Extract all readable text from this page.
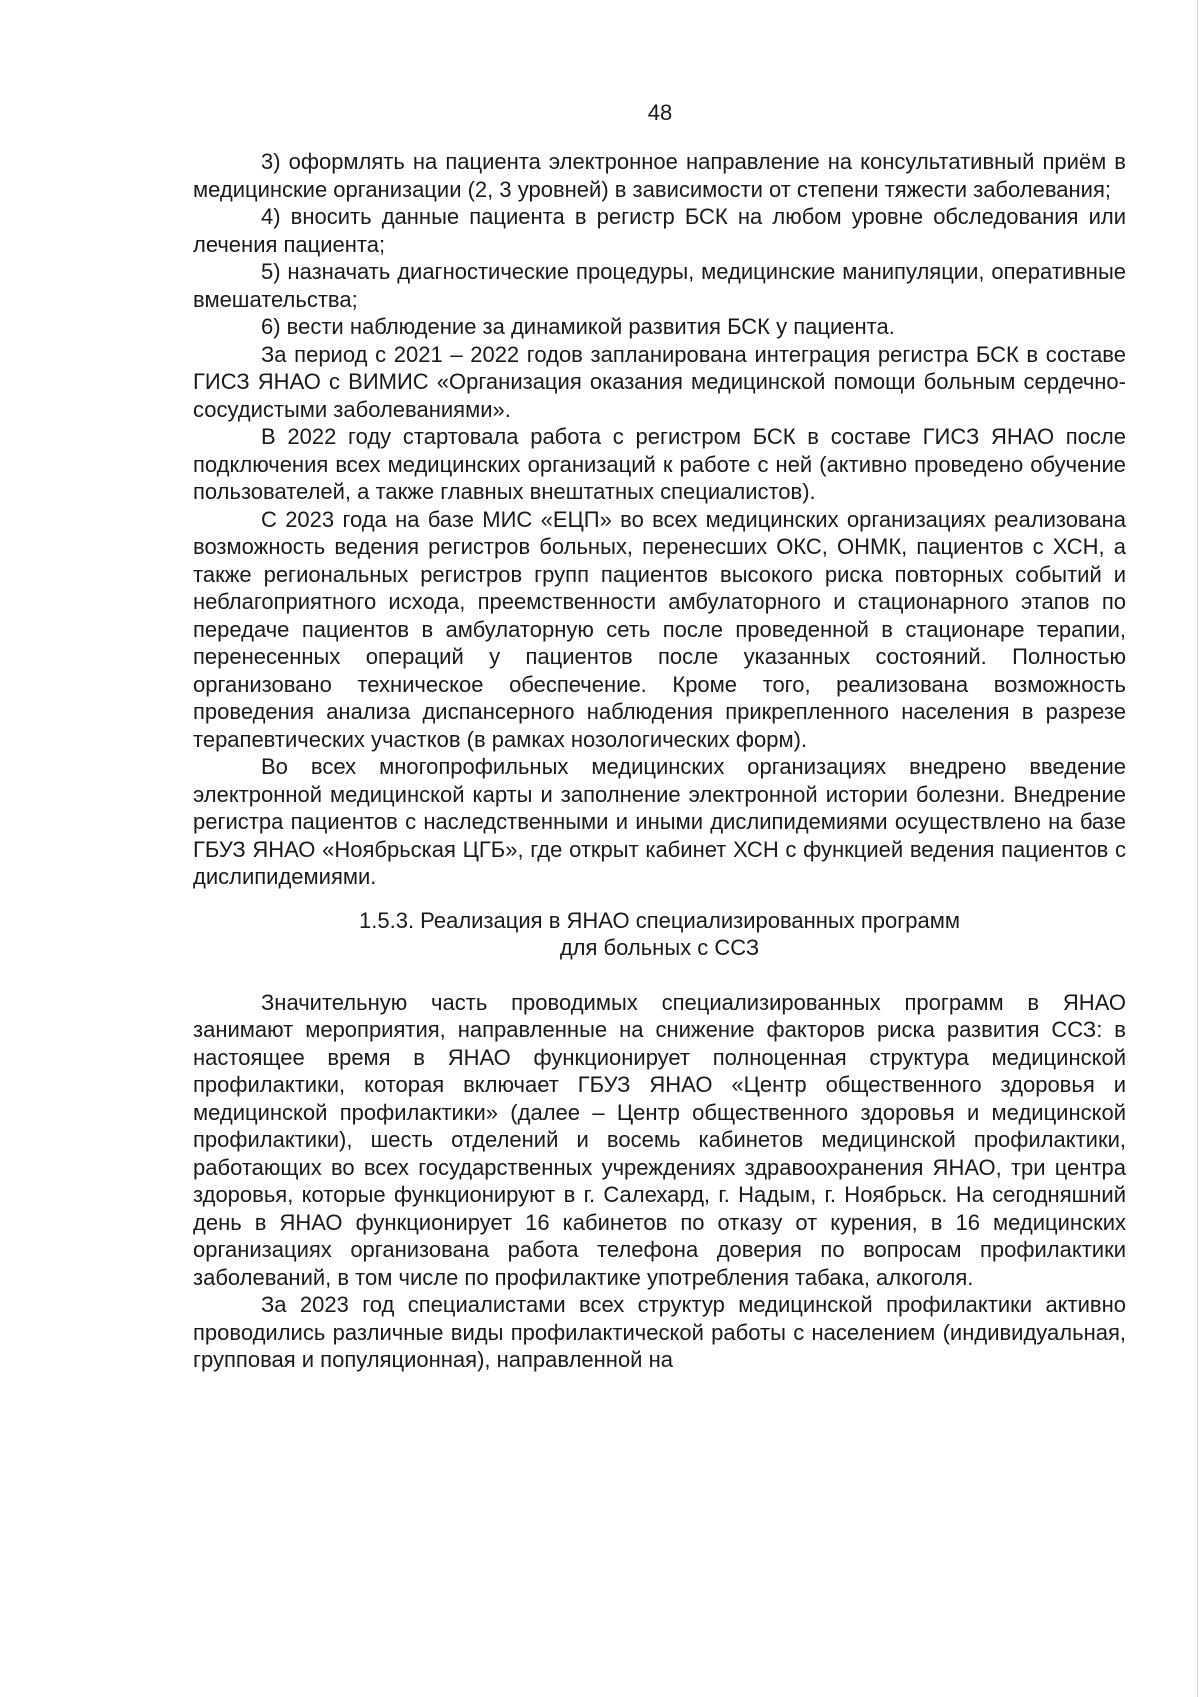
48

3) оформлять на пациента электронное направление на консультативный приём в медицинские организации (2, 3 уровней) в зависимости от степени тяжести заболевания;

4) вносить данные пациента в регистр БСК на любом уровне обследования или лечения пациента;

5) назначать диагностические процедуры, медицинские манипуляции, оперативные вмешательства;

6) вести наблюдение за динамикой развития БСК у пациента.

За период с 2021 – 2022 годов запланирована интеграция регистра БСК в составе ГИСЗ ЯНАО с ВИМИС «Организация оказания медицинской помощи больным сердечно-сосудистыми заболеваниями».

В 2022 году стартовала работа с регистром БСК в составе ГИСЗ ЯНАО после подключения всех медицинских организаций к работе с ней (активно проведено обучение пользователей, а также главных внештатных специалистов).

С 2023 года на базе МИС «ЕЦП» во всех медицинских организациях реализована возможность ведения регистров больных, перенесших ОКС, ОНМК, пациентов с ХСН, а также региональных регистров групп пациентов высокого риска повторных событий и неблагоприятного исхода, преемственности амбулаторного и стационарного этапов по передаче пациентов в амбулаторную сеть после проведенной в стационаре терапии, перенесенных операций у пациентов после указанных состояний. Полностью организовано техническое обеспечение. Кроме того, реализована возможность проведения анализа диспансерного наблюдения прикрепленного населения в разрезе терапевтических участков (в рамках нозологических форм).

Во всех многопрофильных медицинских организациях внедрено введение электронной медицинской карты и заполнение электронной истории болезни. Внедрение регистра пациентов с наследственными и иными дислипидемиями осуществлено на базе ГБУЗ ЯНАО «Ноябрьская ЦГБ», где открыт кабинет ХСН с функцией ведения пациентов с дислипидемиями.

1.5.3. Реализация в ЯНАО специализированных программ
для больных с ССЗ

Значительную часть проводимых специализированных программ в ЯНАО занимают мероприятия, направленные на снижение факторов риска развития ССЗ: в настоящее время в ЯНАО функционирует полноценная структура медицинской профилактики, которая включает ГБУЗ ЯНАО «Центр общественного здоровья и медицинской профилактики» (далее – Центр общественного здоровья и медицинской профилактики), шесть отделений и восемь кабинетов медицинской профилактики, работающих во всех государственных учреждениях здравоохранения ЯНАО, три центра здоровья, которые функционируют в г. Салехард, г. Надым, г. Ноябрьск. На сегодняшний день в ЯНАО функционирует 16 кабинетов по отказу от курения, в 16 медицинских организациях организована работа телефона доверия по вопросам профилактики заболеваний, в том числе по профилактике употребления табака, алкоголя.

За 2023 год специалистами всех структур медицинской профилактики активно проводились различные виды профилактической работы с населением (индивидуальная, групповая и популяционная), направленной на
